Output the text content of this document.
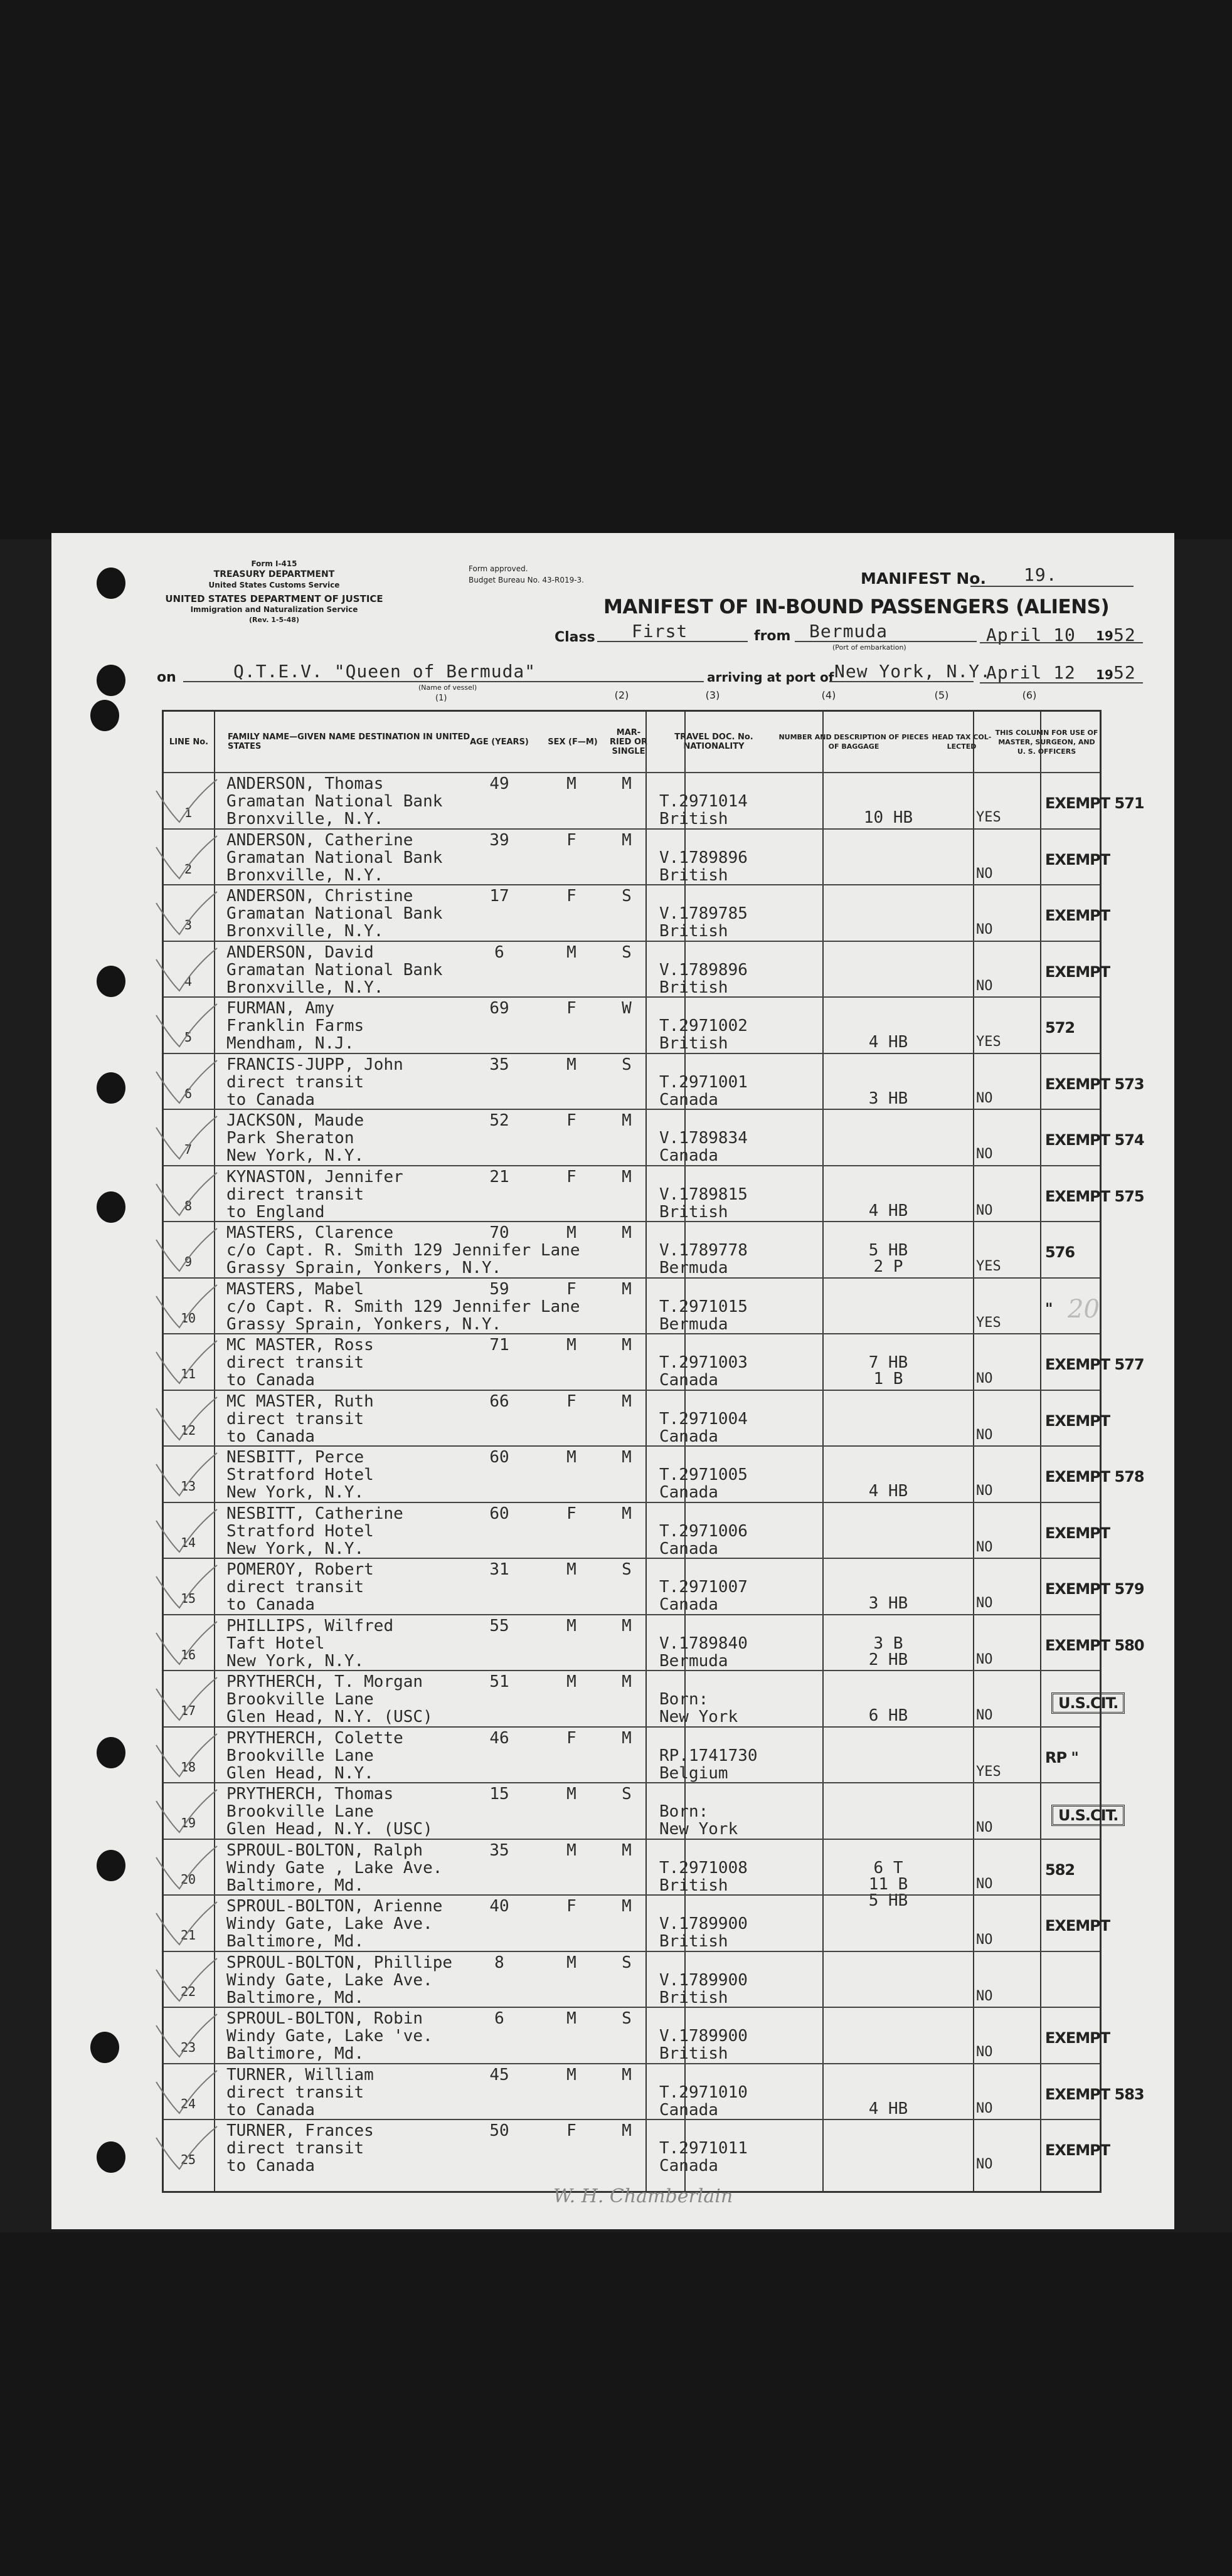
Form I-415
TREASURY DEPARTMENT
United States Customs Service
UNITED STATES DEPARTMENT OF JUSTICE
Immigration and Naturalization Service
(Rev. 1-5-48)
Form approved.
Budget Bureau No. 43-R019-3.	MANIFEST No. 19.
MANIFEST OF IN-BOUND PASSENGERS (ALIENS)
Class First	from Bermuda
(Port of embarkation)
April 10 19 52
on	Q.T.E.V. "Queen of Bermuda"
(Name of vessel)
(1)
arriving at port of New York, N.Y.
April 12 19 52
(2)	(3)	(4)	(5)	(6)
LINE No.	FAMILY NAME—GIVEN NAME DESTINATION IN UNITED STATES	AGE (YEARS)	SEX (F—M)
MAR-RIED OR SINGLE
TRAVEL DOC. No. NATIONALITY
NUMBER AND DESCRIPTION OF PIECES OF BAGGAGE
HEAD TAX COL-LECTED
THIS COLUMN FOR USE OF MASTER, SURGEON, AND U. S. OFFICERS
1
ANDERSON, Thomas
Gramatan National Bank
Bronxville, N.Y.
49	M	M
T.2971014
British	10 HB	YES
EXEMPT 571
2
ANDERSON, Catherine
Gramatan National Bank
Bronxville, N.Y.
39	F	M
V.1789896
British	NO
EXEMPT
3
ANDERSON, Christine
Gramatan National Bank
Bronxville, N.Y.
17	F	S
V.1789785
British	NO
EXEMPT
4
ANDERSON, David
Gramatan National Bank
Bronxville, N.Y.
6	M	S
V.1789896
British	NO
EXEMPT
5
FURMAN, Amy
Franklin Farms
Mendham, N.J.
69	F	W
T.2971002
British	4 HB	YES
572
6
FRANCIS-JUPP, John
direct transit
to Canada
35	M	S
T.2971001
Canada	3 HB	NO
EXEMPT 573
7
JACKSON, Maude
Park Sheraton
New York, N.Y.
52	F	M
V.1789834
Canada	NO
EXEMPT 574
8
KYNASTON, Jennifer
direct transit
to England
21	F	M
V.1789815
British	4 HB	NO
EXEMPT 575
9
MASTERS, Clarence
c/o Capt. R. Smith 129 Jennifer Lane
Grassy Sprain, Yonkers, N.Y.
70	M	M
V.1789778
Bermuda
5 HB
2 P	YES
576
10
MASTERS, Mabel
c/o Capt. R. Smith 129 Jennifer Lane
Grassy Sprain, Yonkers, N.Y.
59	F	M
T.2971015
Bermuda	YES
"
11
MC MASTER, Ross
direct transit
to Canada
71	M	M
T.2971003
Canada
7 HB
1 B	NO
EXEMPT 577
12
MC MASTER, Ruth
direct transit
to Canada
66	F	M
T.2971004
Canada	NO
EXEMPT
13
NESBITT, Perce
Stratford Hotel
New York, N.Y.
60	M	M
T.2971005
Canada	4 HB	NO
EXEMPT 578
14
NESBITT, Catherine
Stratford Hotel
New York, N.Y.
60	F	M
T.2971006
Canada	NO
EXEMPT
15
POMEROY, Robert
direct transit
to Canada
31	M	S
T.2971007
Canada	3 HB	NO
EXEMPT 579
16
PHILLIPS, Wilfred
Taft Hotel
New York, N.Y.
55	M	M
V.1789840
Bermuda
3 B
2 HB	NO
EXEMPT 580
17
PRYTHERCH, T. Morgan
Brookville Lane
Glen Head, N.Y. (USC)
51	M	M
Born:
New York	6 HB	NO
U.S.CIT.
18
PRYTHERCH, Colette
Brookville Lane
Glen Head, N.Y.
46	F	M
RP.1741730
Belgium	YES
RP "
19
PRYTHERCH, Thomas
Brookville Lane
Glen Head, N.Y. (USC)
15	M	S
Born:
New York	NO
U.S.CIT.
20
SPROUL-BOLTON, Ralph
Windy Gate , Lake Ave.
Baltimore, Md.
35	M	M
T.2971008
British
6 T
11 B	NO
582
5 HB
21
SPROUL-BOLTON, Arienne
Windy Gate, Lake Ave.
Baltimore, Md.
40	F	M
V.1789900
British	NO
EXEMPT
22
SPROUL-BOLTON, Phillipe
Windy Gate, Lake Ave.
Baltimore, Md.
8	M	S
V.1789900
British	NO
23
SPROUL-BOLTON, Robin
Windy Gate, Lake 've.
Baltimore, Md.
6	M	S
V.1789900
British	NO
EXEMPT
24
TURNER, William
direct transit
to Canada
45	M	M
T.2971010
Canada	4 HB	NO
EXEMPT 583
25
TURNER, Frances
direct transit
to Canada
50	F	M
T.2971011
Canada	NO
EXEMPT
20
W. H. Chamberlain
